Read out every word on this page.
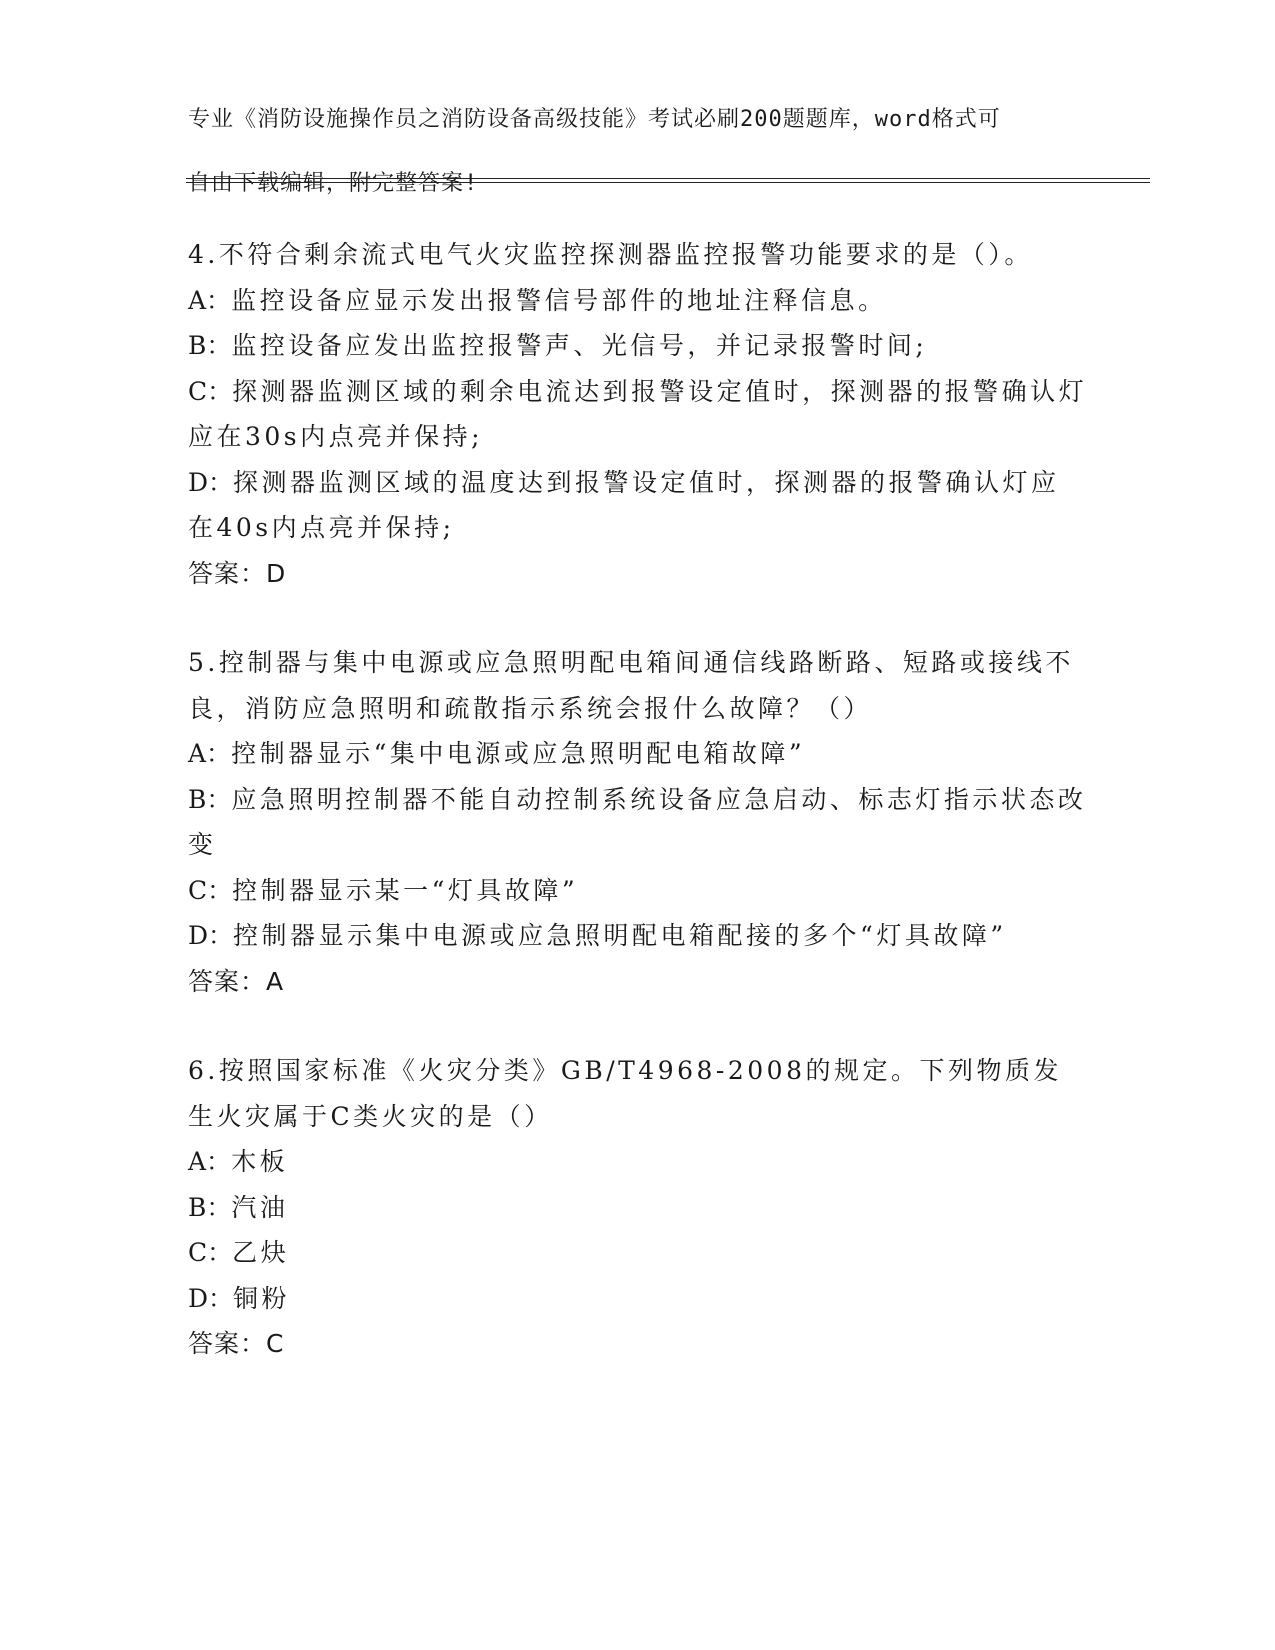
专业《消防设施操作员之消防设备高级技能》考试必刷200题题库，word格式可

自由下载编辑，附完整答案!

4.不符合剩余流式电气火灾监控探测器监控报警功能要求的是（）。

A：监控设备应显示发出报警信号部件的地址注释信息。

B：监控设备应发出监控报警声、光信号，并记录报警时间;

C：探测器监测区域的剩余电流达到报警设定值时，探测器的报警确认灯应在30s内点亮并保持;

D：探测器监测区域的温度达到报警设定值时，探测器的报警确认灯应在40s内点亮并保持;

答案：D

5.控制器与集中电源或应急照明配电箱间通信线路断路、短路或接线不良，消防应急照明和疏散指示系统会报什么故障？（）

A：控制器显示“集中电源或应急照明配电箱故障”

B：应急照明控制器不能自动控制系统设备应急启动、标志灯指示状态改变

C：控制器显示某一“灯具故障”

D：控制器显示集中电源或应急照明配电箱配接的多个“灯具故障”

答案：A

6.按照国家标准《火灾分类》GB/T4968-2008的规定。下列物质发生火灾属于C类火灾的是（）

A：木板

B：汽油

C：乙炔

D：铜粉

答案：C
